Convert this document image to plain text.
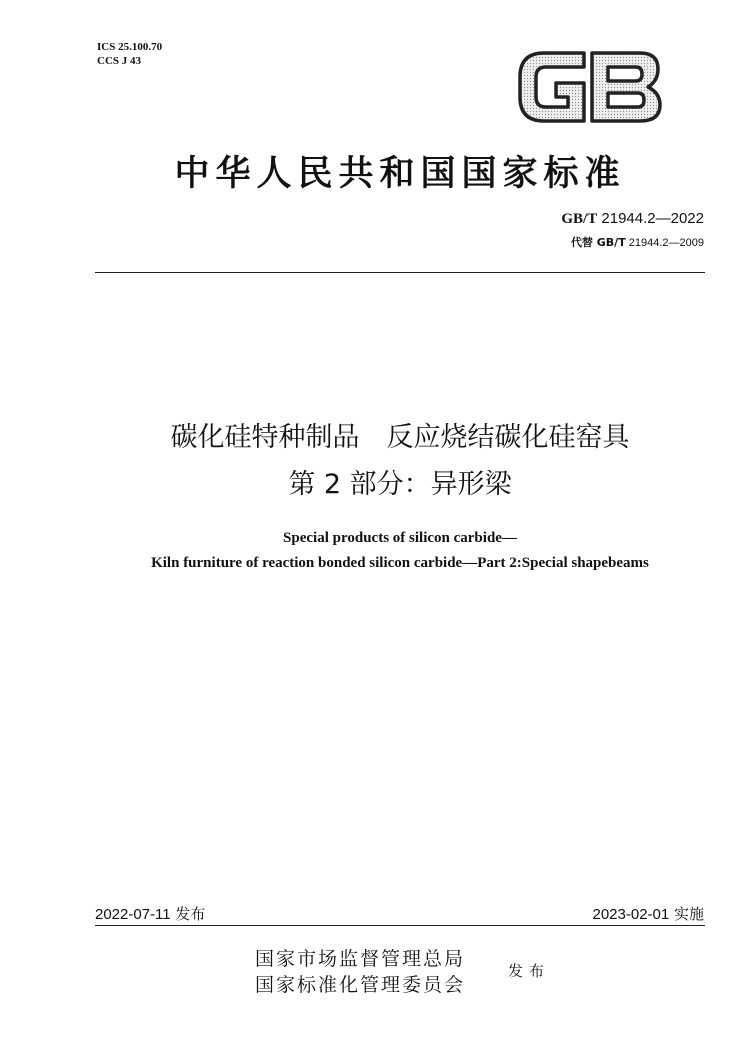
ICS 25.100.70
CCS J 43
中华人民共和国国家标准
GB/T 21944.2—2022
代替 GB/T 21944.2—2009
碳化硅特种制品　反应烧结碳化硅窑具
第 2 部分：异形梁
Special products of silicon carbide—
Kiln furniture of reaction bonded silicon carbide—Part 2:Special shapebeams
2022-07-11 发布	2023-02-01 实施
国家市场监督管理总局
国家标准化管理委员会
发布
